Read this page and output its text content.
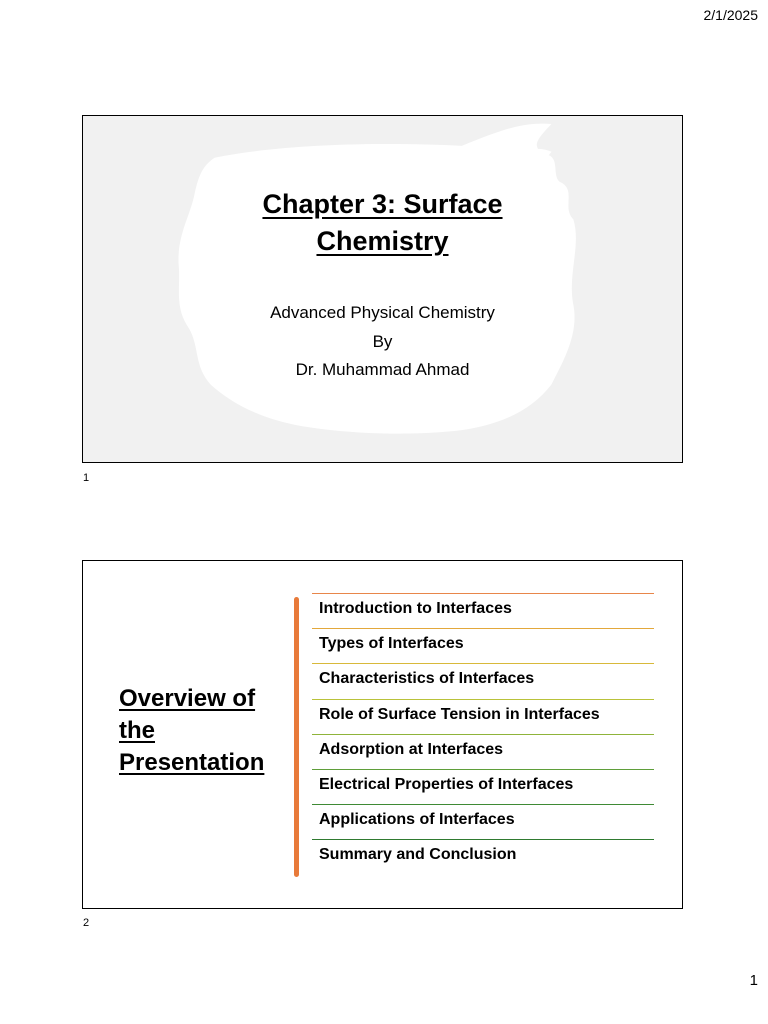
2/1/2025
Chapter 3: Surface
Chemistry
Advanced Physical Chemistry
By
Dr. Muhammad Ahmad
1
Overview of
the
Presentation
Introduction to Interfaces
Types of Interfaces
Characteristics of Interfaces
Role of Surface Tension in Interfaces
Adsorption at Interfaces
Electrical Properties of Interfaces
Applications of Interfaces
Summary and Conclusion
2
1
